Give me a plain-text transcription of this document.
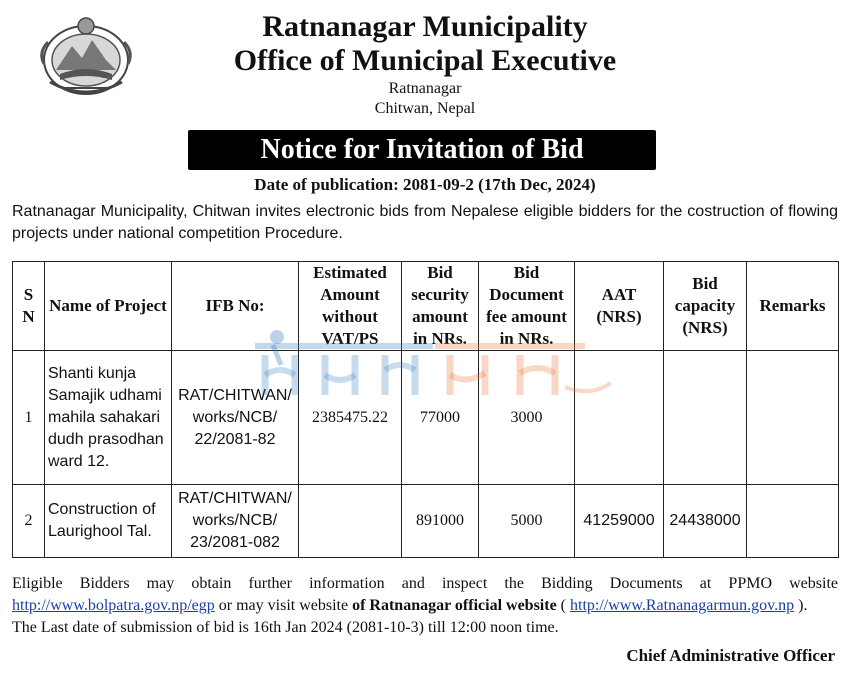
Ratnanagar Municipality
Office of Municipal Executive
Ratnanagar
Chitwan, Nepal
Notice for Invitation of Bid
Date of publication: 2081-09-2 (17th Dec, 2024)
Ratnanagar Municipality, Chitwan invites electronic bids from Nepalese eligible bidders for the costruction of flowing projects under national competition Procedure.
S N	Name of Project	IFB No:	Estimated Amount without VAT/PS	Bid security amount in NRs.	Bid Document fee amount in NRs.	AAT (NRS)	Bid capacity (NRS)	Remarks
1	Shanti kunja Samajik udhami mahila sahakari dudh prasodhan ward 12.	RAT/CHITWAN/ works/NCB/ 22/2081-82	2385475.22	77000	3000			
2	Construction of Laurighool Tal.	RAT/CHITWAN/ works/NCB/ 23/2081-082		891000	5000	41259000	24438000	
Eligible Bidders may obtain further information and inspect the Bidding Documents at PPMO website
http://www.bolpatra.gov.np/egp or may visit website of Ratnanagar official website ( http://www.Ratnanagarmun.gov.np ).
The Last date of submission of bid is 16th Jan 2024 (2081-10-3) till 12:00 noon time.
Chief Administrative Officer
